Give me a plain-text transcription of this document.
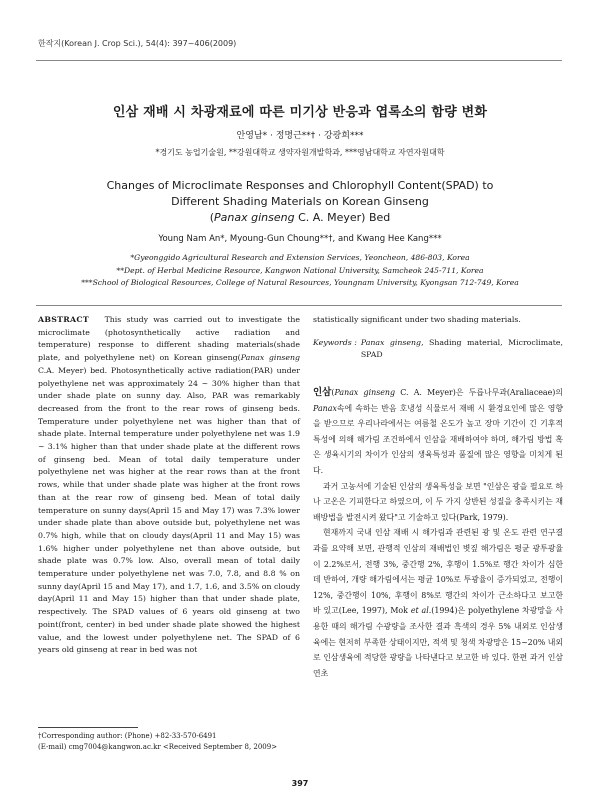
한작지(Korean J. Crop Sci.), 54(4): 397~406(2009)
인삼 재배 시 차광재료에 따른 미기상 반응과 엽록소의 함량 변화
안영남* · 정명근**† · 강광희***
*경기도 농업기술원, **강원대학교 생약자원개발학과, ***영남대학교 자연자원대학
Changes of Microclimate Responses and Chlorophyll Content(SPAD) to
Different Shading Materials on Korean Ginseng
(Panax ginseng C. A. Meyer) Bed
Young Nam An*, Myoung-Gun Choung**†, and Kwang Hee Kang***
*Gyeonggido Agricultural Research and Extension Services, Yeoncheon, 486-803, Korea
**Dept. of Herbal Medicine Resource, Kangwon National University, Samcheok 245-711, Korea
***School of Biological Resources, College of Natural Resources, Youngnam University, Kyongsan 712-749, Korea

ABSTRACT This study was carried out to investigate the microclimate (photosynthetically active radiation and temperature) response to different shading materials(shade plate, and polyethylene net) on Korean ginseng(Panax ginseng C.A. Meyer) bed. Photosynthetically active radiation(PAR) under polyethylene net was approximately 24 ~ 30% higher than that under shade plate on sunny day. Also, PAR was remarkably decreased from the front to the rear rows of ginseng beds. Temperature under polyethylene net was higher than that of shade plate. Internal temperature under polyethylene net was 1.9 ~ 3.1% higher than that under shade plate at the different rows of ginseng bed. Mean of total daily temperature under polyethylene net was higher at the rear rows than at the front rows, while that under shade plate was higher at the front rows than at the rear row of ginseng bed. Mean of total daily temperature on sunny days(April 15 and May 17) was 7.3% lower under shade plate than above outside but, polyethylene net was 0.7% high, while that on cloudy days(April 11 and May 15) was 1.6% higher under polyethylene net than above outside, but shade plate was 0.7% low. Also, overall mean of total daily temperature under polyethylene net was 7.0, 7.8, and 8.8 % on sunny day(April 15 and May 17), and 1.7, 1.6, and 3.5% on cloudy day(April 11 and May 15) higher than that under shade plate, respectively. The SPAD values of 6 years old ginseng at two point(front, center) in bed under shade plate showed the highest value, and the lowest under polyethylene net. The SPAD of 6 years old ginseng at rear in bed was not

statistically significant under two shading materials.

Keywords : Panax ginseng, Shading material, Microclimate, SPAD

인삼(Panax ginseng C. A. Meyer)은 두릅나무과(Araliaceae)의 Panax속에 속하는 반음 호냉성 식물로서 재배 시 환경요인에 많은 영향을 받으므로 우리나라에서는 여름철 온도가 높고 장마 기간이 긴 기후적 특성에 의해 해가림 조건하에서 인삼을 재배하여야 하며, 해가림 방법 혹은 생육시기의 차이가 인삼의 생육특성과 품질에 많은 영향을 미치게 된다.

과거 고농서에 기술된 인삼의 생육특성을 보면 "인삼은 광을 필요로 하나 고온은 기피한다고 하였으며, 이 두 가지 상반된 성질을 충족시키는 재배방법을 발전시켜 왔다"고 기술하고 있다(Park, 1979).

현재까지 국내 인삼 재배 시 해가림과 관련된 광 및 온도 관련 연구결과를 요약해 보면, 관행적 인삼의 재배법인 볏짚 해가림은 평균 광투광율이 2.2%로서, 전행 3%, 중간행 2%, 후행이 1.5%로 행간 차이가 심한데 반하여, 개량 해가림에서는 평균 10%로 투광율이 증가되었고, 전행이 12%, 중간행이 10%, 후행이 8%로 행간의 차이가 근소하다고 보고한 바 있고(Lee, 1997), Mok et al.(1994)은 polyethylene 차광망을 사용한 때의 해가림 수광량을 조사한 결과 흑색의 경우 5% 내외로 인삼생육에는 현저히 부족한 상태이지만, 적색 및 청색 차광망은 15~20% 내외로 인삼생육에 적당한 광량을 나타낸다고 보고한 바 있다. 한편 과거 인삼연초

†Corresponding author: (Phone) +82-33-570-6491
(E-mail) cmg7004@kangwon.ac.kr <Received September 8, 2009>
397
